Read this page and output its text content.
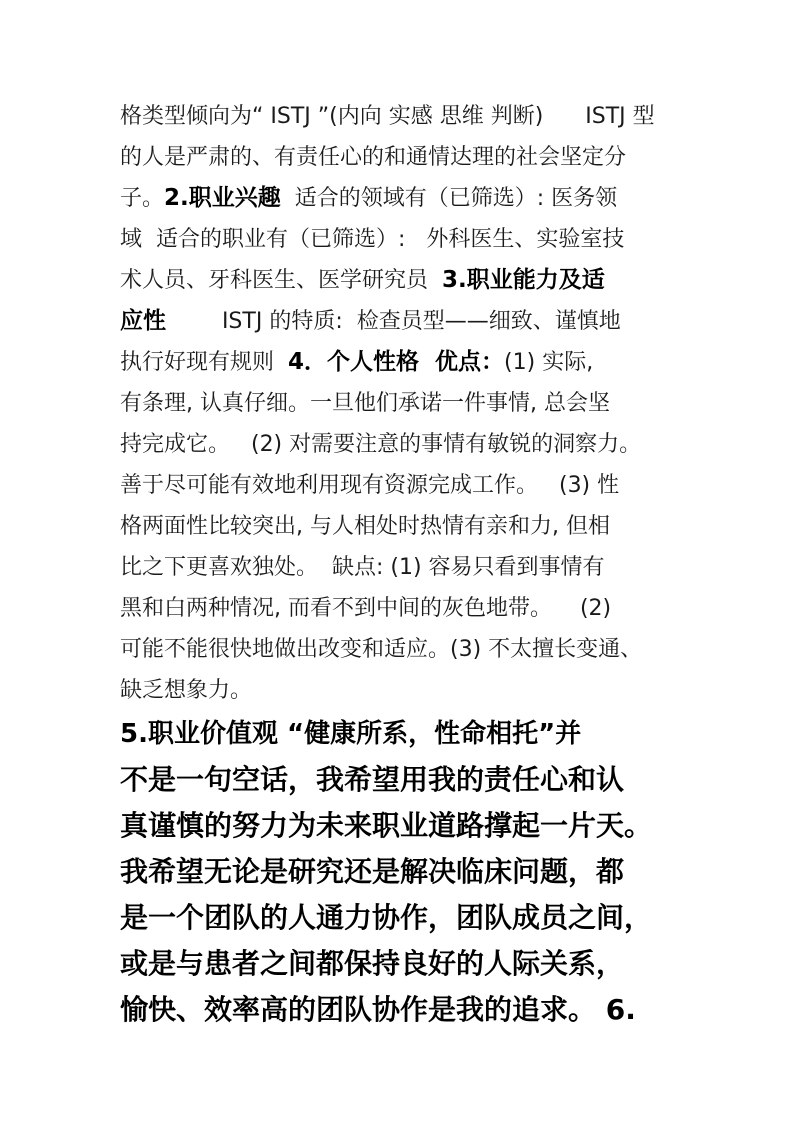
格类型倾向为“ ISTJ ”(内向 实感 思维 判断)      ISTJ 型
的人是严肃的、有责任心的和通情达理的社会坚定分
子。2.职业兴趣  适合的领域有（已筛选）: 医务领
域  适合的职业有（已筛选）:   外科医生、实验室技
术人员、牙科医生、医学研究员  3.职业能力及适
应性        ISTJ 的特质:  检查员型——细致、谨慎地
执行好现有规则  4．个人性格  优点：(1) 实际,
有条理, 认真仔细。一旦他们承诺一件事情, 总会坚
持完成它。   (2) 对需要注意的事情有敏锐的洞察力。
善于尽可能有效地利用现有资源完成工作。   (3) 性
格两面性比较突出, 与人相处时热情有亲和力, 但相
比之下更喜欢独处。  缺点: (1) 容易只看到事情有
黑和白两种情况, 而看不到中间的灰色地带。    (2)
可能不能很快地做出改变和适应。(3) 不太擅长变通、
缺乏想象力。
5.职业价值观 “健康所系，性命相托”并
不是一句空话，我希望用我的责任心和认
真谨慎的努力为未来职业道路撑起一片天。
我希望无论是研究还是解决临床问题，都
是一个团队的人通力协作，团队成员之间，
或是与患者之间都保持良好的人际关系，
愉快、效率高的团队协作是我的追求。 6.
